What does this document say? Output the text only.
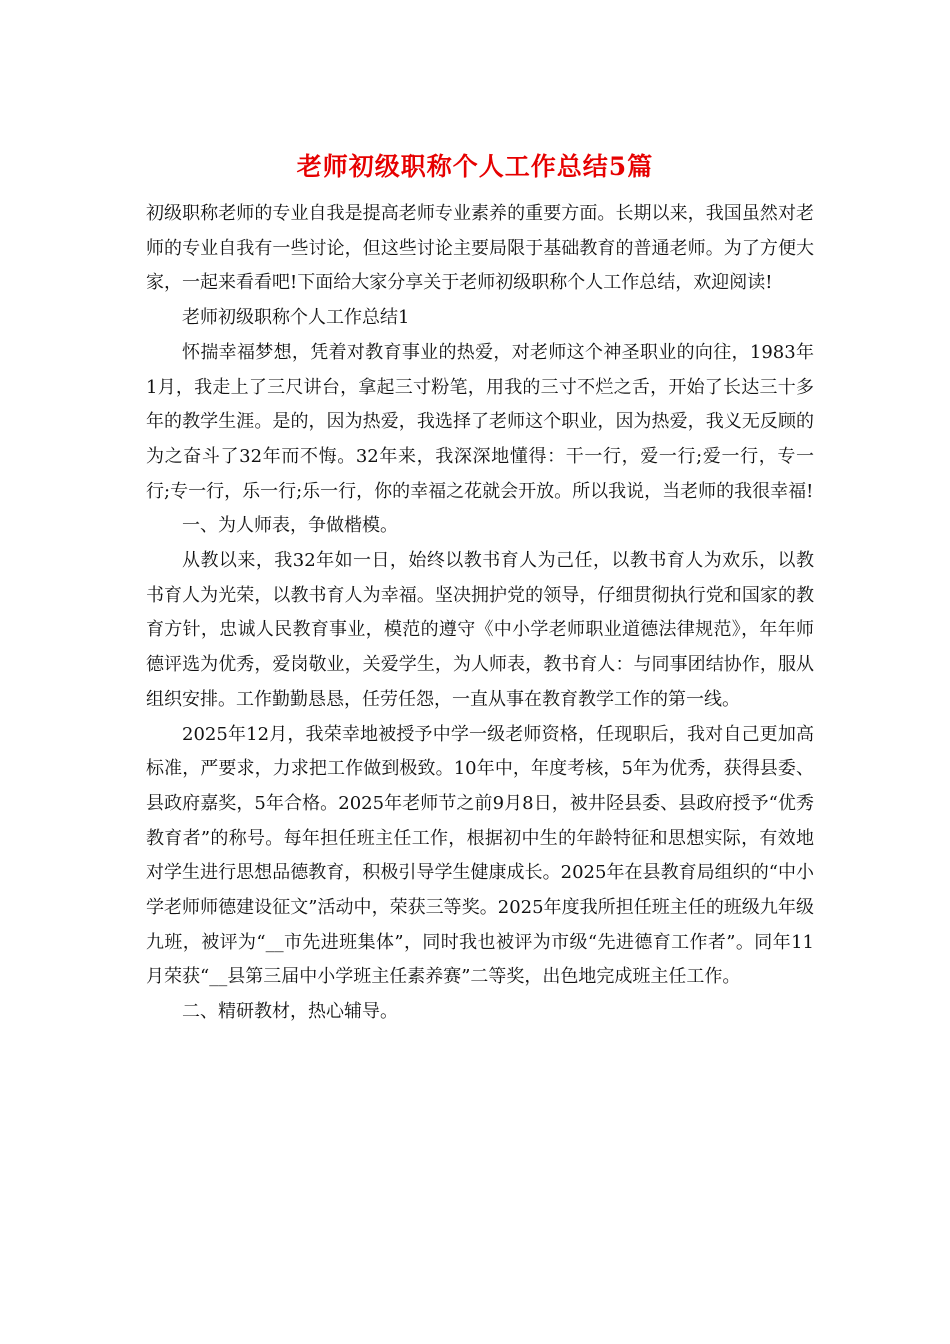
老师初级职称个人工作总结5篇

初级职称老师的专业自我是提高老师专业素养的重要方面。长期以来，我国虽然对老师的专业自我有一些讨论，但这些讨论主要局限于基础教育的普通老师。为了方便大家，一起来看看吧!下面给大家分享关于老师初级职称个人工作总结，欢迎阅读!

老师初级职称个人工作总结1

怀揣幸福梦想，凭着对教育事业的热爱，对老师这个神圣职业的向往，1983年1月，我走上了三尺讲台，拿起三寸粉笔，用我的三寸不烂之舌，开始了长达三十多年的教学生涯。是的，因为热爱，我选择了老师这个职业，因为热爱，我义无反顾的为之奋斗了32年而不悔。32年来，我深深地懂得：干一行，爱一行;爱一行，专一行;专一行，乐一行;乐一行，你的幸福之花就会开放。所以我说，当老师的我很幸福!

一、为人师表，争做楷模。

从教以来，我32年如一日，始终以教书育人为己任，以教书育人为欢乐，以教书育人为光荣，以教书育人为幸福。坚决拥护党的领导，仔细贯彻执行党和国家的教育方针，忠诚人民教育事业，模范的遵守《中小学老师职业道德法律规范》，年年师德评选为优秀，爱岗敬业，关爱学生，为人师表，教书育人：与同事团结协作，服从组织安排。工作勤勤恳恳，任劳任怨，一直从事在教育教学工作的第一线。

2025年12月，我荣幸地被授予中学一级老师资格，任现职后，我对自己更加高标准，严要求，力求把工作做到极致。10年中，年度考核，5年为优秀，获得县委、县政府嘉奖，5年合格。2025年老师节之前9月8日，被井陉县委、县政府授予“优秀教育者”的称号。每年担任班主任工作，根据初中生的年龄特征和思想实际，有效地对学生进行思想品德教育，积极引导学生健康成长。2025年在县教育局组织的“中小学老师师德建设征文”活动中，荣获三等奖。2025年度我所担任班主任的班级九年级九班，被评为“__市先进班集体”，同时我也被评为市级“先进德育工作者”。同年11月荣获“__县第三届中小学班主任素养赛”二等奖，出色地完成班主任工作。

二、精研教材，热心辅导。
